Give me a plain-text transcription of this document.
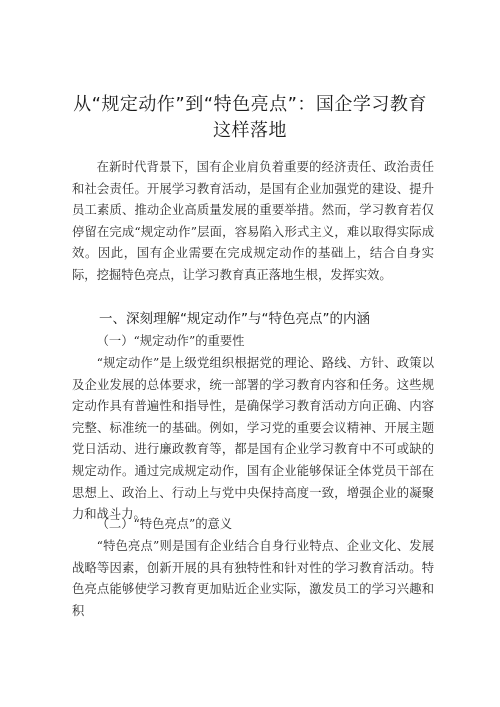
从“规定动作”到“特色亮点”：国企学习教育这样落地

在新时代背景下，国有企业肩负着重要的经济责任、政治责任和社会责任。开展学习教育活动，是国有企业加强党的建设、提升员工素质、推动企业高质量发展的重要举措。然而，学习教育若仅停留在完成“规定动作”层面，容易陷入形式主义，难以取得实际成效。因此，国有企业需要在完成规定动作的基础上，结合自身实际，挖掘特色亮点，让学习教育真正落地生根，发挥实效。

一、深刻理解“规定动作”与“特色亮点”的内涵

（一）“规定动作”的重要性

“规定动作”是上级党组织根据党的理论、路线、方针、政策以及企业发展的总体要求，统一部署的学习教育内容和任务。这些规定动作具有普遍性和指导性，是确保学习教育活动方向正确、内容完整、标准统一的基础。例如，学习党的重要会议精神、开展主题党日活动、进行廉政教育等，都是国有企业学习教育中不可或缺的规定动作。通过完成规定动作，国有企业能够保证全体党员干部在思想上、政治上、行动上与党中央保持高度一致，增强企业的凝聚力和战斗力。

（二）“特色亮点”的意义

“特色亮点”则是国有企业结合自身行业特点、企业文化、发展战略等因素，创新开展的具有独特性和针对性的学习教育活动。特色亮点能够使学习教育更加贴近企业实际，激发员工的学习兴趣和积
